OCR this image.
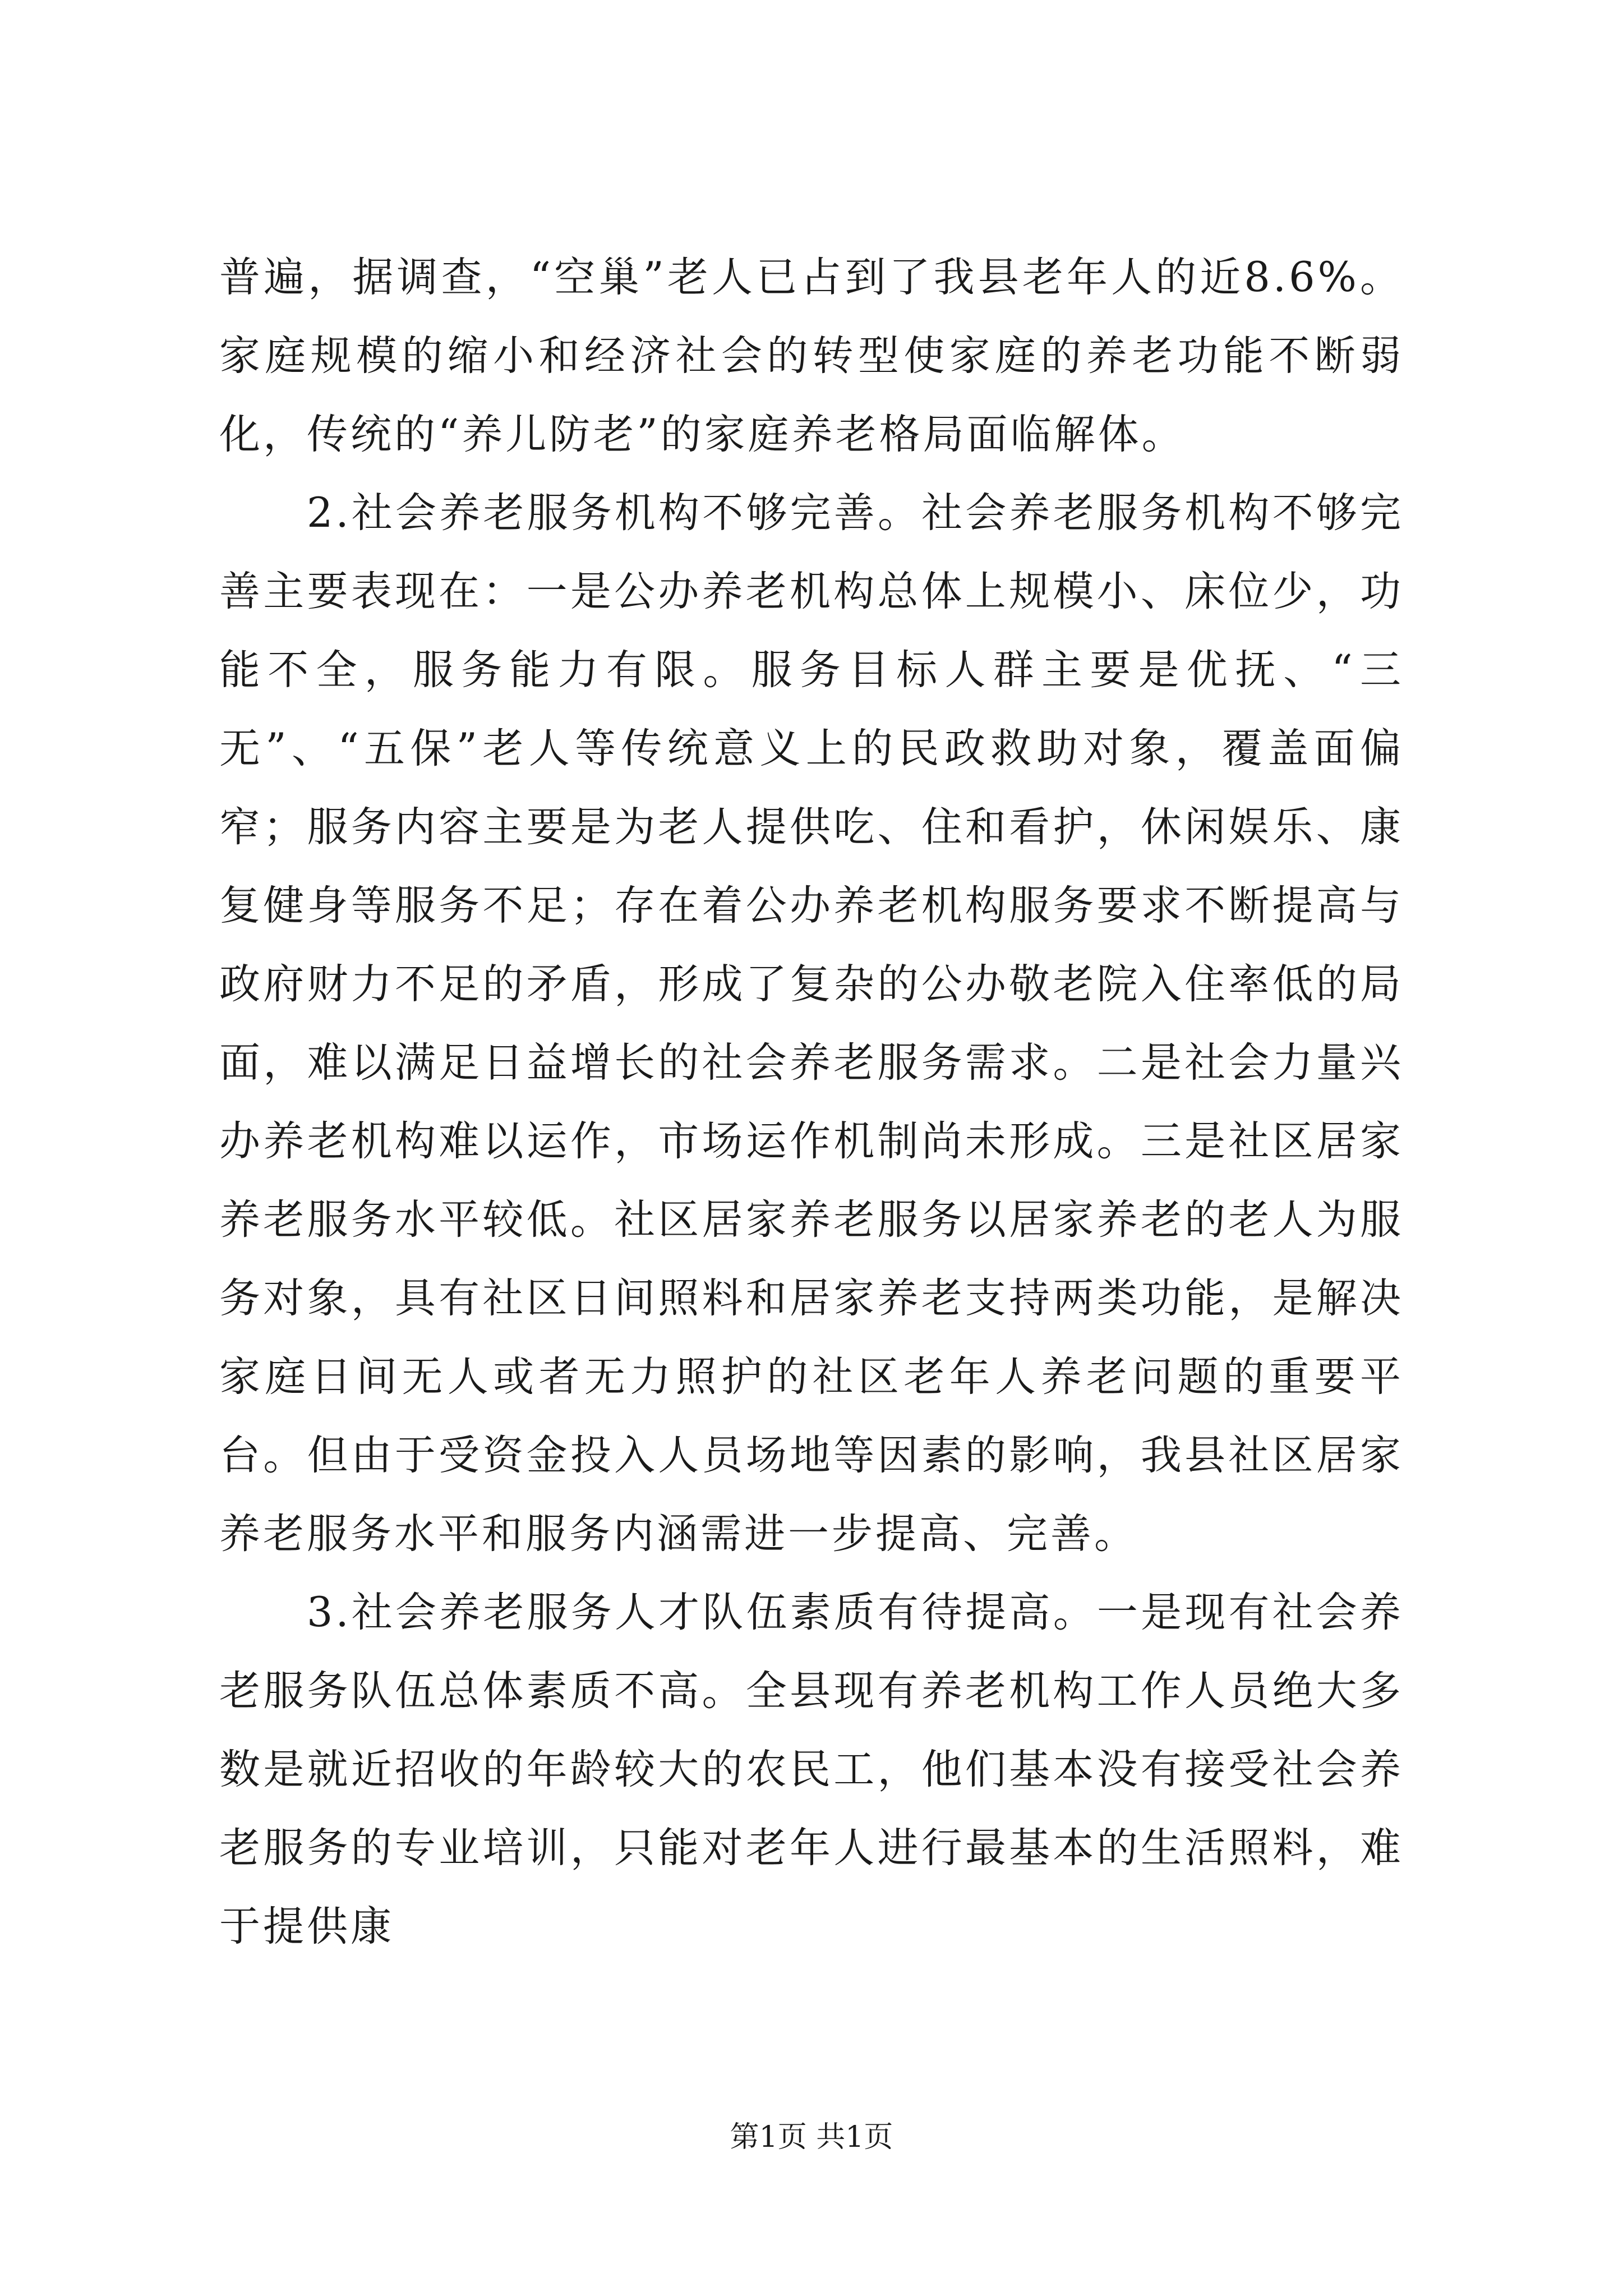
普遍，据调查，“空巢”老人已占到了我县老年人的近8.6%。家庭规模的缩小和经济社会的转型使家庭的养老功能不断弱化，传统的“养儿防老”的家庭养老格局面临解体。

2.社会养老服务机构不够完善。社会养老服务机构不够完善主要表现在：一是公办养老机构总体上规模小、床位少，功能不全，服务能力有限。服务目标人群主要是优抚、“三无”、“五保”老人等传统意义上的民政救助对象，覆盖面偏窄；服务内容主要是为老人提供吃、住和看护，休闲娱乐、康复健身等服务不足；存在着公办养老机构服务要求不断提高与政府财力不足的矛盾，形成了复杂的公办敬老院入住率低的局面，难以满足日益增长的社会养老服务需求。二是社会力量兴办养老机构难以运作，市场运作机制尚未形成。三是社区居家养老服务水平较低。社区居家养老服务以居家养老的老人为服务对象，具有社区日间照料和居家养老支持两类功能，是解决家庭日间无人或者无力照护的社区老年人养老问题的重要平台。但由于受资金投入人员场地等因素的影响，我县社区居家养老服务水平和服务内涵需进一步提高、完善。

3.社会养老服务人才队伍素质有待提高。一是现有社会养老服务队伍总体素质不高。全县现有养老机构工作人员绝大多数是就近招收的年龄较大的农民工，他们基本没有接受社会养老服务的专业培训，只能对老年人进行最基本的生活照料，难于提供康

第1页 共1页
